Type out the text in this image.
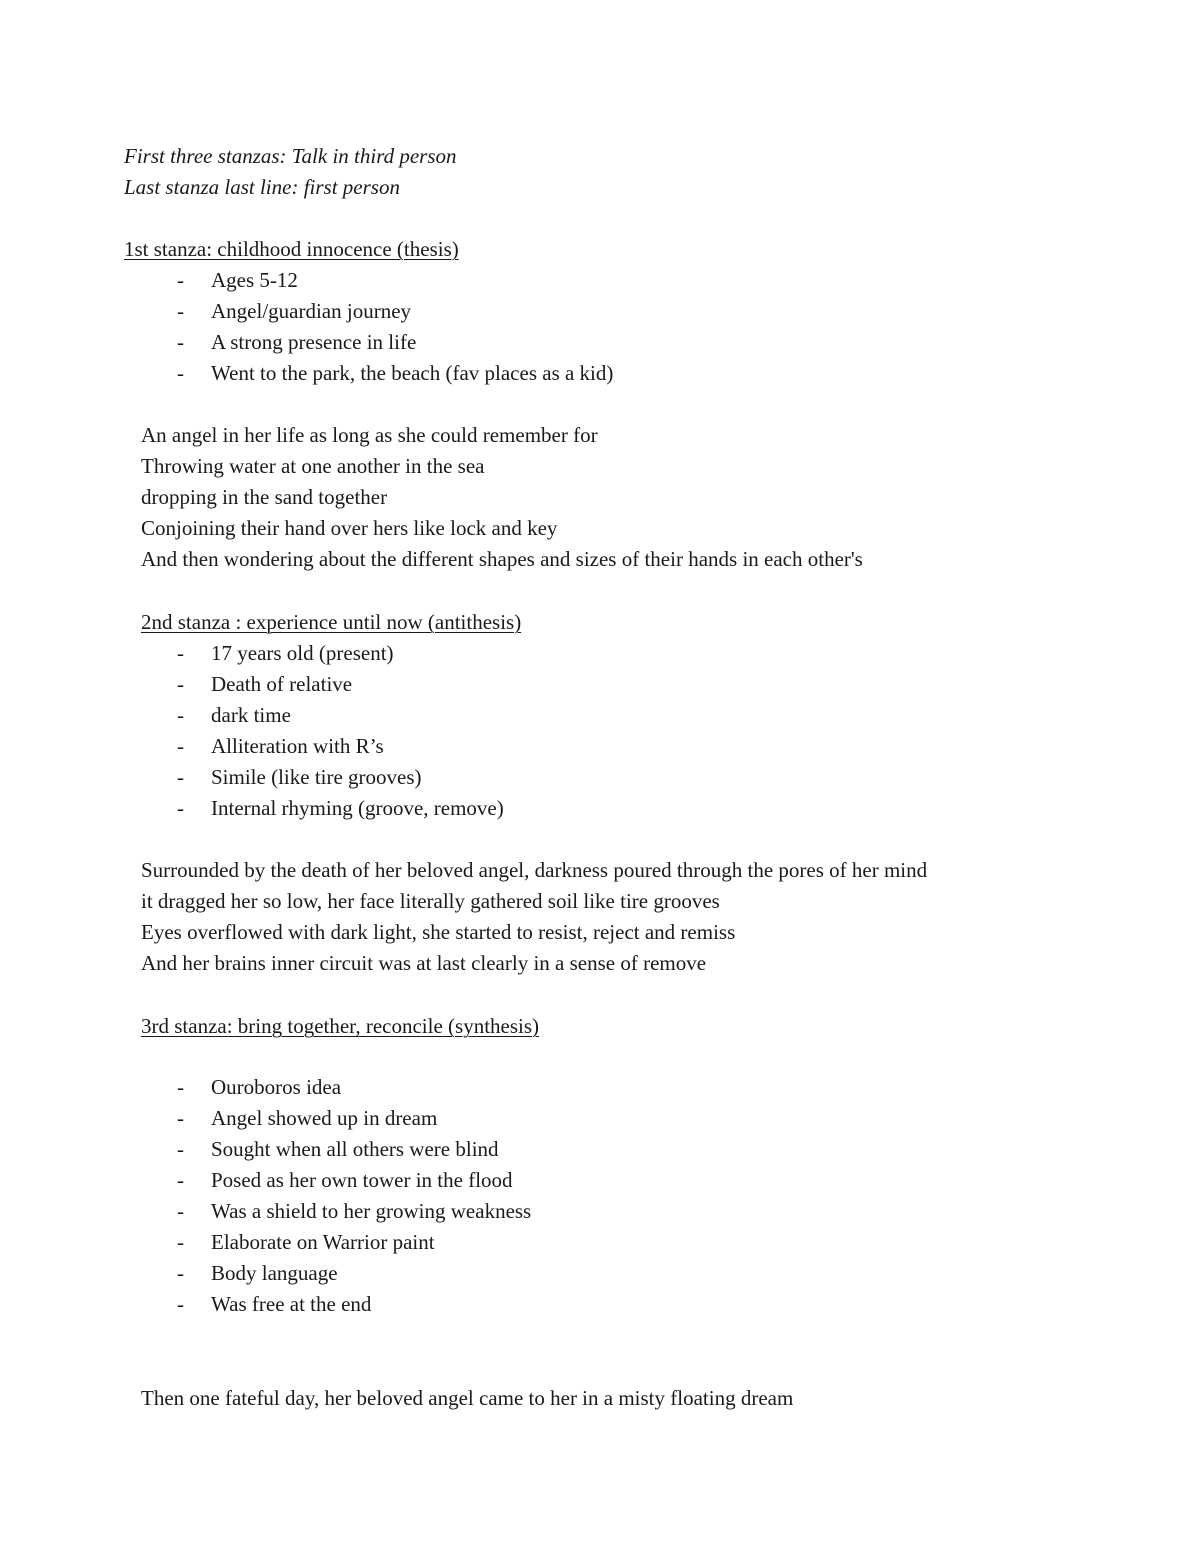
First three stanzas: Talk in third person
Last stanza last line: first person
1st stanza: childhood innocence (thesis)
- Ages 5-12
- Angel/guardian journey
- A strong presence in life
- Went to the park, the beach (fav places as a kid)
An angel in her life as long as she could remember for
Throwing water at one another in the sea
dropping in the sand together
Conjoining their hand over hers like lock and key
And then wondering about the different shapes and sizes of their hands in each other's
2nd stanza : experience until now (antithesis)
- 17 years old (present)
- Death of relative
- dark time
- Alliteration with R’s
- Simile (like tire grooves)
- Internal rhyming (groove, remove)
Surrounded by the death of her beloved angel, darkness poured through the pores of her mind
it dragged her so low, her face literally gathered soil like tire grooves
Eyes overflowed with dark light, she started to resist, reject and remiss
And her brains inner circuit was at last clearly in a sense of remove
3rd stanza: bring together, reconcile (synthesis)
- Ouroboros idea
- Angel showed up in dream
- Sought when all others were blind
- Posed as her own tower in the flood
- Was a shield to her growing weakness
- Elaborate on Warrior paint
- Body language
- Was free at the end
Then one fateful day, her beloved angel came to her in a misty floating dream
